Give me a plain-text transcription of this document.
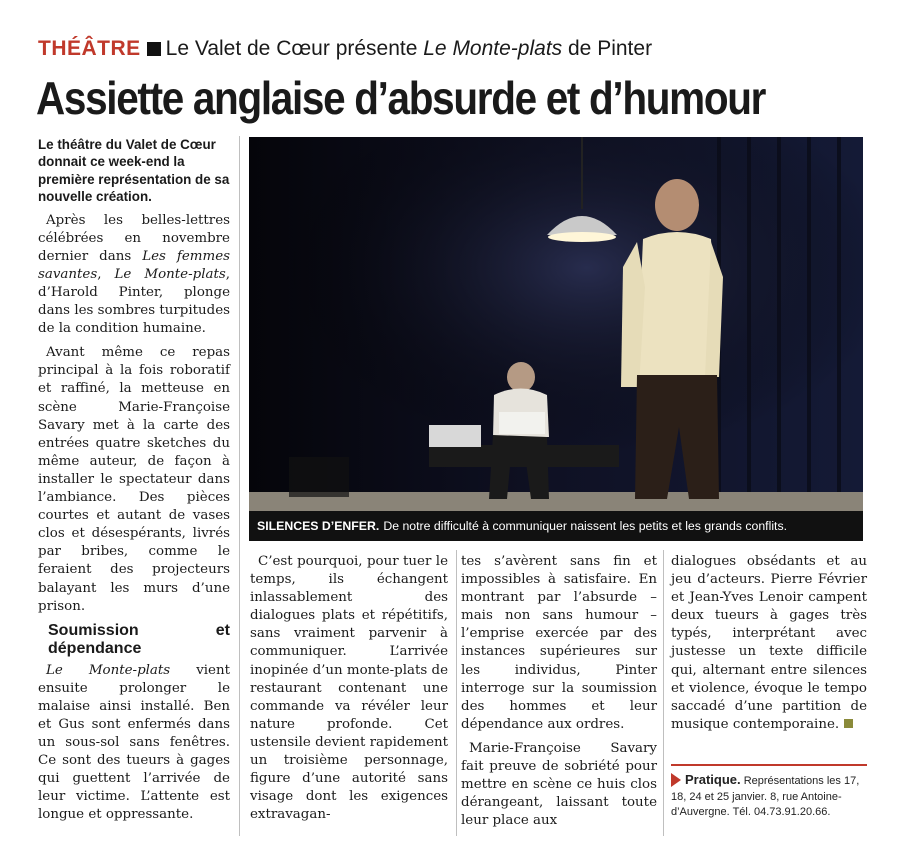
THÉÂTRE Le Valet de Cœur présente Le Monte-plats de Pinter
Assiette anglaise d’absurde et d’humour
Le théâtre du Valet de Cœur donnait ce week-end la première représentation de sa nouvelle création.

Après les belles-lettres célébrées en novembre dernier dans Les femmes savantes, Le Monte-plats, d’Harold Pinter, plonge dans les sombres turpitudes de la condition humaine.

Avant même ce repas principal à la fois roboratif et raffiné, la metteuse en scène Marie-Françoise Savary met à la carte des entrées quatre sketches du même auteur, de façon à installer le spectateur dans l’ambiance. Des pièces courtes et autant de vases clos et désespérants, livrés par bribes, comme le feraient des projecteurs balayant les murs d’une prison.

Soumission et dépendance

Le Monte-plats vient ensuite prolonger le malaise ainsi installé. Ben et Gus sont enfermés dans un sous-sol sans fenêtres. Ce sont des tueurs à gages qui guettent l’arrivée de leur victime. L’attente est longue et oppressante.

SILENCES D’ENFER. De notre difficulté à communiquer naissent les petits et les grands conflits.

C’est pourquoi, pour tuer le temps, ils échangent inlassablement des dialogues plats et répétitifs, sans vraiment parvenir à communiquer. L’arrivée inopinée d’un monte-plats de restaurant contenant une commande va révéler leur nature profonde. Cet ustensile devient rapidement un troisième personnage, figure d’une autorité sans visage dont les exigences extravagan-

tes s’avèrent sans fin et impossibles à satisfaire. En montrant par l’absurde – mais non sans humour – l’emprise exercée par des instances supérieures sur les individus, Pinter interroge sur la soumission des hommes et leur dépendance aux ordres.

Marie-Françoise Savary fait preuve de sobriété pour mettre en scène ce huis clos dérangeant, laissant toute leur place aux

dialogues obsédants et au jeu d’acteurs. Pierre Février et Jean-Yves Lenoir campent deux tueurs à gages très typés, interprétant avec justesse un texte difficile qui, alternant entre silences et violence, évoque le tempo saccadé d’une partition de musique contemporaine.

Pratique. Représentations les 17, 18, 24 et 25 janvier. 8, rue Antoine-d’Auvergne. Tél. 04.73.91.20.66.
